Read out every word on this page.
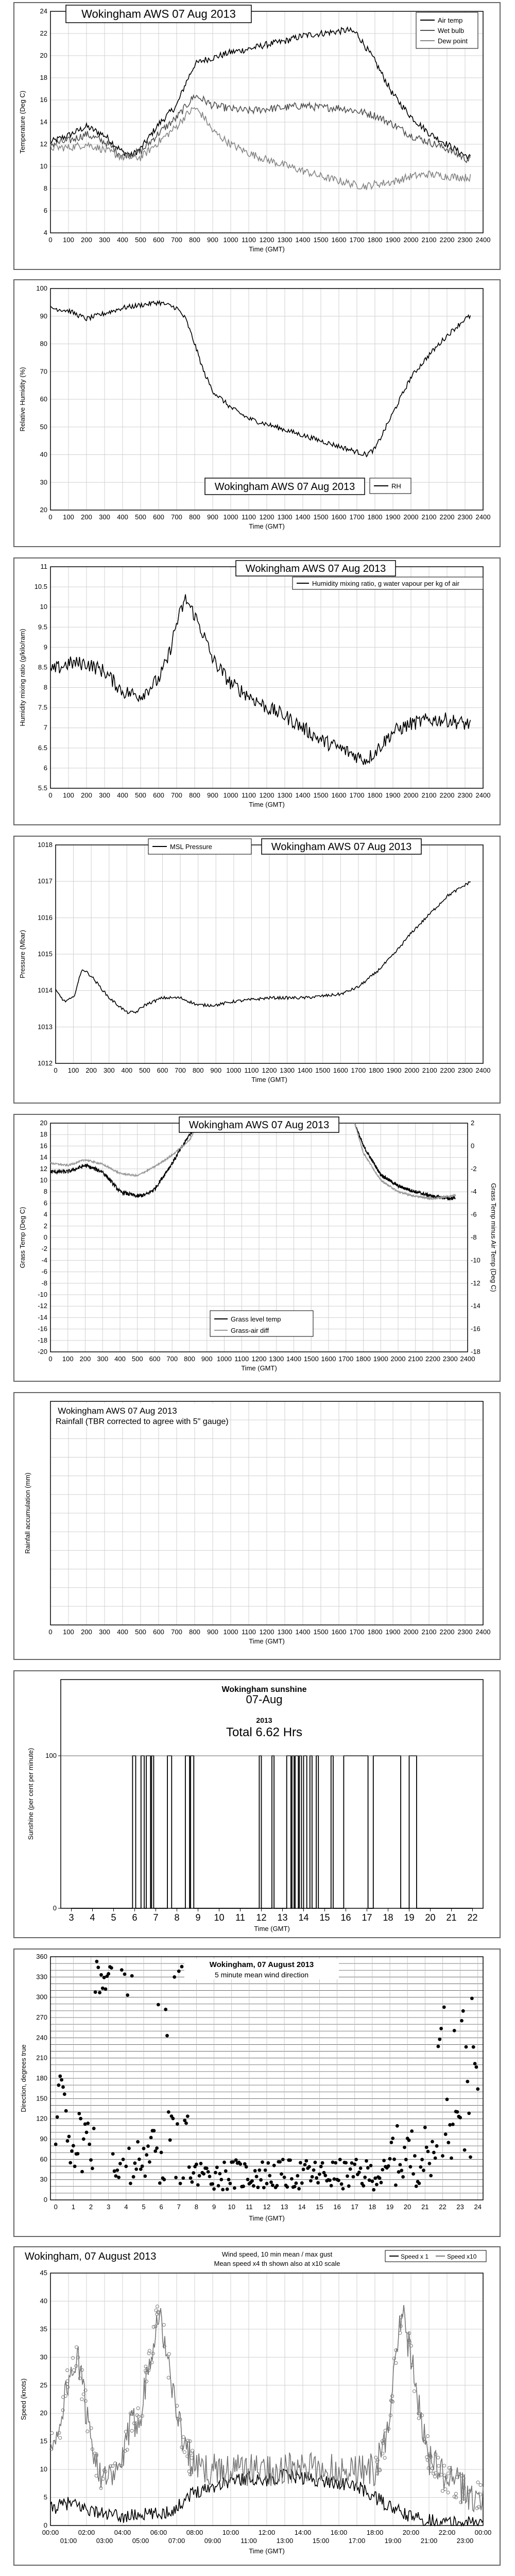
0 100 200 300 400 500 600 700 800 900 1000 1100 1200 1300 1400 1500 1600 1700 1800 1900 2000 2100 2200 2300 2400
4
6
8
10
12
14
16
18
20
22
24
Time (GMT)
Temperature (Deg C)
Wokingham AWS 07 Aug 2013	Air temp
Wet bulb
Dew point
0 100 200 300 400 500 600 700 800 900 1000 1100 1200 1300 1400 1500 1600 1700 1800 1900 2000 2100 2200 2300 2400
20
30
40
50
60
70
80
90
100
Time (GMT)
Relative Humidity (%)
Wokingham AWS 07 Aug 2013	RH
0 100 200 300 400 500 600 700 800 900 1000 1100 1200 1300 1400 1500 1600 1700 1800 1900 2000 2100 2200 2300 2400
5.5
6
6.5
7
7.5
8
8.5
9
9.5
10
10.5
11
Time (GMT)
Humidity mixing ratio (g/kilo/ram)
Wokingham AWS 07 Aug 2013
Humidity mixing ratio, g water vapour per kg of air
0 100 200 300 400 500 600 700 800 900 1000 1100 1200 1300 1400 1500 1600 1700 1800 1900 2000 2100 2200 2300 2400
1012
1013
1014
1015
1016
1017
1018
Time (GMT)
Pressure (Mbar)
Wokingham AWS 07 Aug 2013
MSL Pressure
0 100 200 300 400 500 600 700 800 900 1000 1100 1200 1300 1400 1500 1600 1700 1800 1900 2000 2100 2200 2300 2400
-20
-18
-16
-14
-12
-10
-8
-6
-4
-2
0
2
4
6
8
10
12
14
16
18
20
Time (GMT)
Grass Temp (Deg C)
-18
-16
-14
-12
-10
-8
-6
-4
-2
0
2
Grass Temp minus Air Temp (Deg C)
Wokingham AWS 07 Aug 2013
Grass level temp
Grass-air diff
0 100 200 300 400 500 600 700 800 900 1000 1100 1200 1300 1400 1500 1600 1700 1800 1900 2000 2100 2200 2300 2400
Time (GMT)
Rainfall accumulation (mm)
Wokingham AWS 07 Aug 2013
Rainfall (TBR corrected to agree with 5" gauge)
3 4 5 6 7 8 9 10 11 12 13 14 15 16 17 18 19 20 21 22
0
100
Time (GMT)
Sunshine (per cent per minute)
Wokingham sunshine
07-Aug
2013
Total 6.62 Hrs
0
30
60
90
120
150
180
210
240
270
300
330
360
0 1 2 3 4 5 6 7 8 9 10 11 12 13 14 15 16 17 18 19 20 21 22 23 24
Time (GMT)
Direction, degrees true
Wokingham, 07 August 2013
5 minute mean wind direction
0
5
10
15
20
25
30
35
40
45
00:00	02:00	04:00	06:00	08:00	10:00	12:00	14:00	16:00	18:00	20:00	22:00	00:00
01:00	03:00	05:00	07:00	09:00	11:00	13:00	15:00	17:00	19:00	21:00	23:00
Time (GMT)
Speed (knots)
Wokingham, 07 August 2013	Wind speed, 10 min mean / max gust
Mean speed x4 th shown also at x10 scale
Speed x 1	Speed x10
